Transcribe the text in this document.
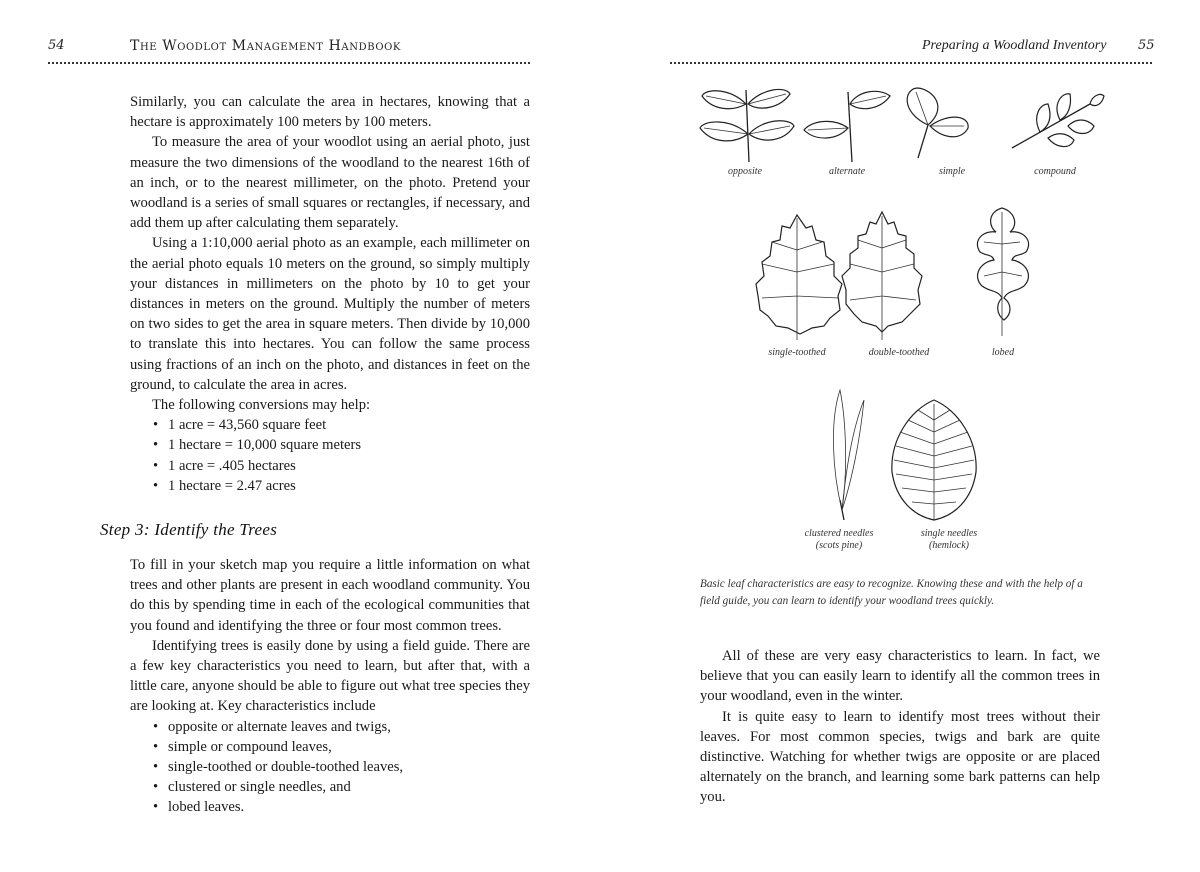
54	The Woodlot Management Handbook

Similarly, you can calculate the area in hectares, knowing that a hectare is approximately 100 meters by 100 meters.

To measure the area of your woodlot using an aerial photo, just measure the two dimensions of the woodland to the nearest 16th of an inch, or to the nearest millimeter, on the photo. Pretend your woodland is a series of small squares or rectangles, if necessary, and add them up after calculating them separately.

Using a 1:10,000 aerial photo as an example, each millimeter on the aerial photo equals 10 meters on the ground, so simply multiply your distances in millimeters on the photo by 10 to get your distances in meters on the ground. Multiply the number of meters on two sides to get the area in square meters. Then divide by 10,000 to translate this into hectares. You can follow the same process using fractions of an inch on the photo, and distances in feet on the ground, to calculate the area in acres.

The following conversions may help:

• 1 acre = 43,560 square feet
• 1 hectare = 10,000 square meters
• 1 acre = .405 hectares
• 1 hectare = 2.47 acres
Step 3: Identify the Trees

To fill in your sketch map you require a little information on what trees and other plants are present in each woodland community. You do this by spending time in each of the ecological communities that you found and identifying the three or four most common trees.

Identifying trees is easily done by using a field guide. There are a few key characteristics you need to learn, but after that, with a little care, anyone should be able to figure out what tree species they are looking at. Key characteristics include

• opposite or alternate leaves and twigs,
• simple or compound leaves,
• single-toothed or double-toothed leaves,
• clustered or single needles, and
• lobed leaves.
Preparing a Woodland Inventory 55
opposite	alternate	simple	compound
single-toothed	double-toothed	lobed
clustered needles
(scots pine)
single needles
(hemlock)
Basic leaf characteristics are easy to recognize. Knowing these and with the help of a field guide, you can learn to identify your woodland trees quickly.

All of these are very easy characteristics to learn. In fact, we believe that you can easily learn to identify all the common trees in your woodland, even in the winter.

It is quite easy to learn to identify most trees without their leaves. For most common species, twigs and bark are quite distinctive. Watching for whether twigs are opposite or are placed alternately on the branch, and learning some bark patterns can help you.
